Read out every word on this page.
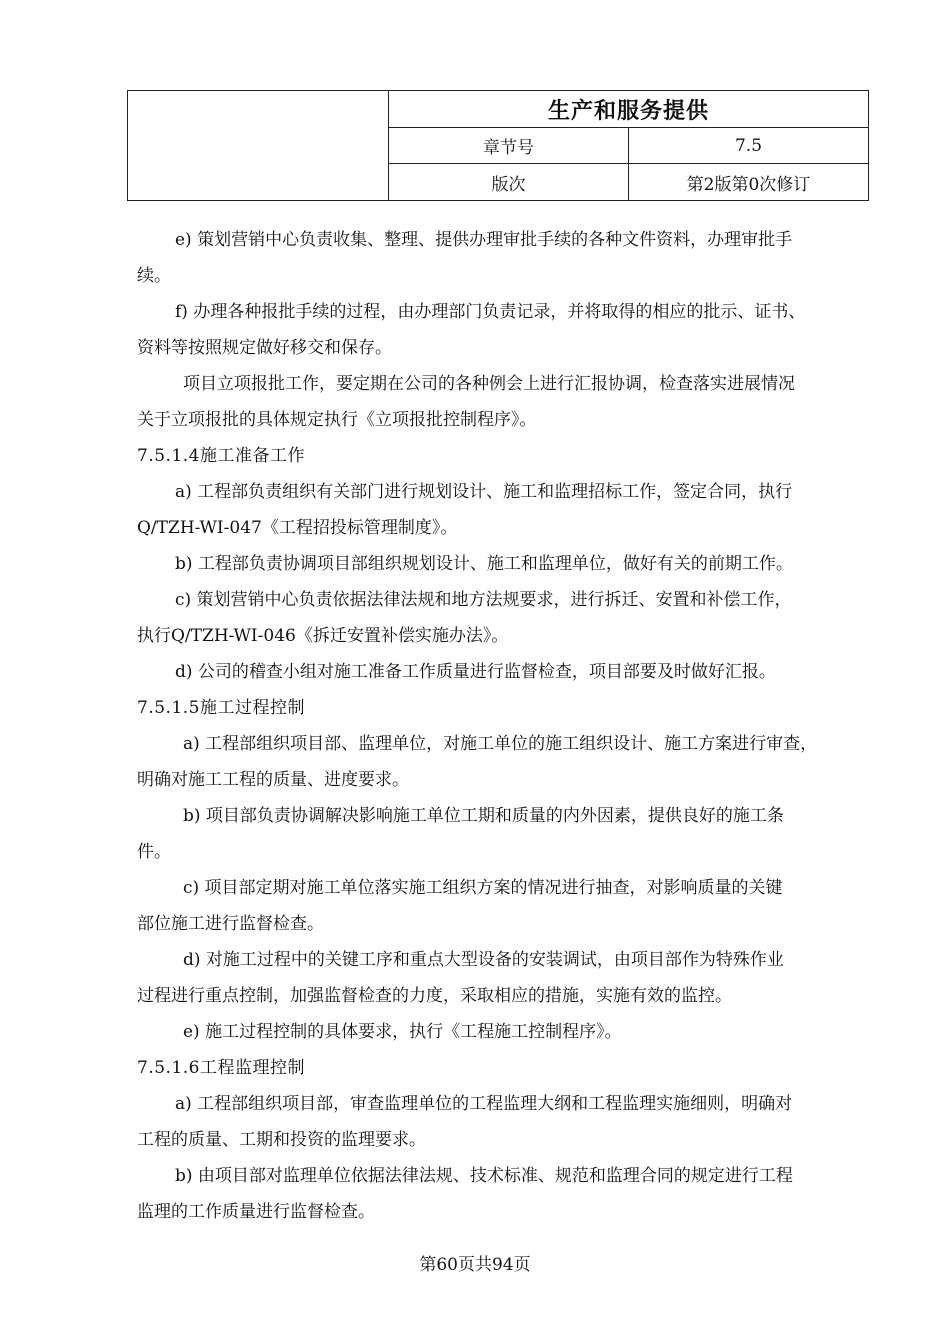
	生产和服务提供	
	章节号	7.5
	版次	第2版第0次修订
e) 策划营销中心负责收集、整理、提供办理审批手续的各种文件资料，办理审批手
续。
f) 办理各种报批手续的过程，由办理部门负责记录，并将取得的相应的批示、证书、
资料等按照规定做好移交和保存。
项目立项报批工作，要定期在公司的各种例会上进行汇报协调，检查落实进展情况
关于立项报批的具体规定执行《立项报批控制程序》。
7.5.1.4施工准备工作
a) 工程部负责组织有关部门进行规划设计、施工和监理招标工作，签定合同，执行
Q/TZH-WI-047《工程招投标管理制度》。
b) 工程部负责协调项目部组织规划设计、施工和监理单位，做好有关的前期工作。
c) 策划营销中心负责依据法律法规和地方法规要求，进行拆迁、安置和补偿工作，
执行Q/TZH-WI-046《拆迁安置补偿实施办法》。
d) 公司的稽查小组对施工准备工作质量进行监督检查，项目部要及时做好汇报。
7.5.1.5施工过程控制
a) 工程部组织项目部、监理单位，对施工单位的施工组织设计、施工方案进行审查，
明确对施工工程的质量、进度要求。
b) 项目部负责协调解决影响施工单位工期和质量的内外因素，提供良好的施工条
件。
c) 项目部定期对施工单位落实施工组织方案的情况进行抽查，对影响质量的关键
部位施工进行监督检查。
d) 对施工过程中的关键工序和重点大型设备的安装调试，由项目部作为特殊作业
过程进行重点控制，加强监督检查的力度，采取相应的措施，实施有效的监控。
e) 施工过程控制的具体要求，执行《工程施工控制程序》。
7.5.1.6工程监理控制
a) 工程部组织项目部，审查监理单位的工程监理大纲和工程监理实施细则，明确对
工程的质量、工期和投资的监理要求。
b) 由项目部对监理单位依据法律法规、技术标准、规范和监理合同的规定进行工程
监理的工作质量进行监督检查。
第60页共94页
